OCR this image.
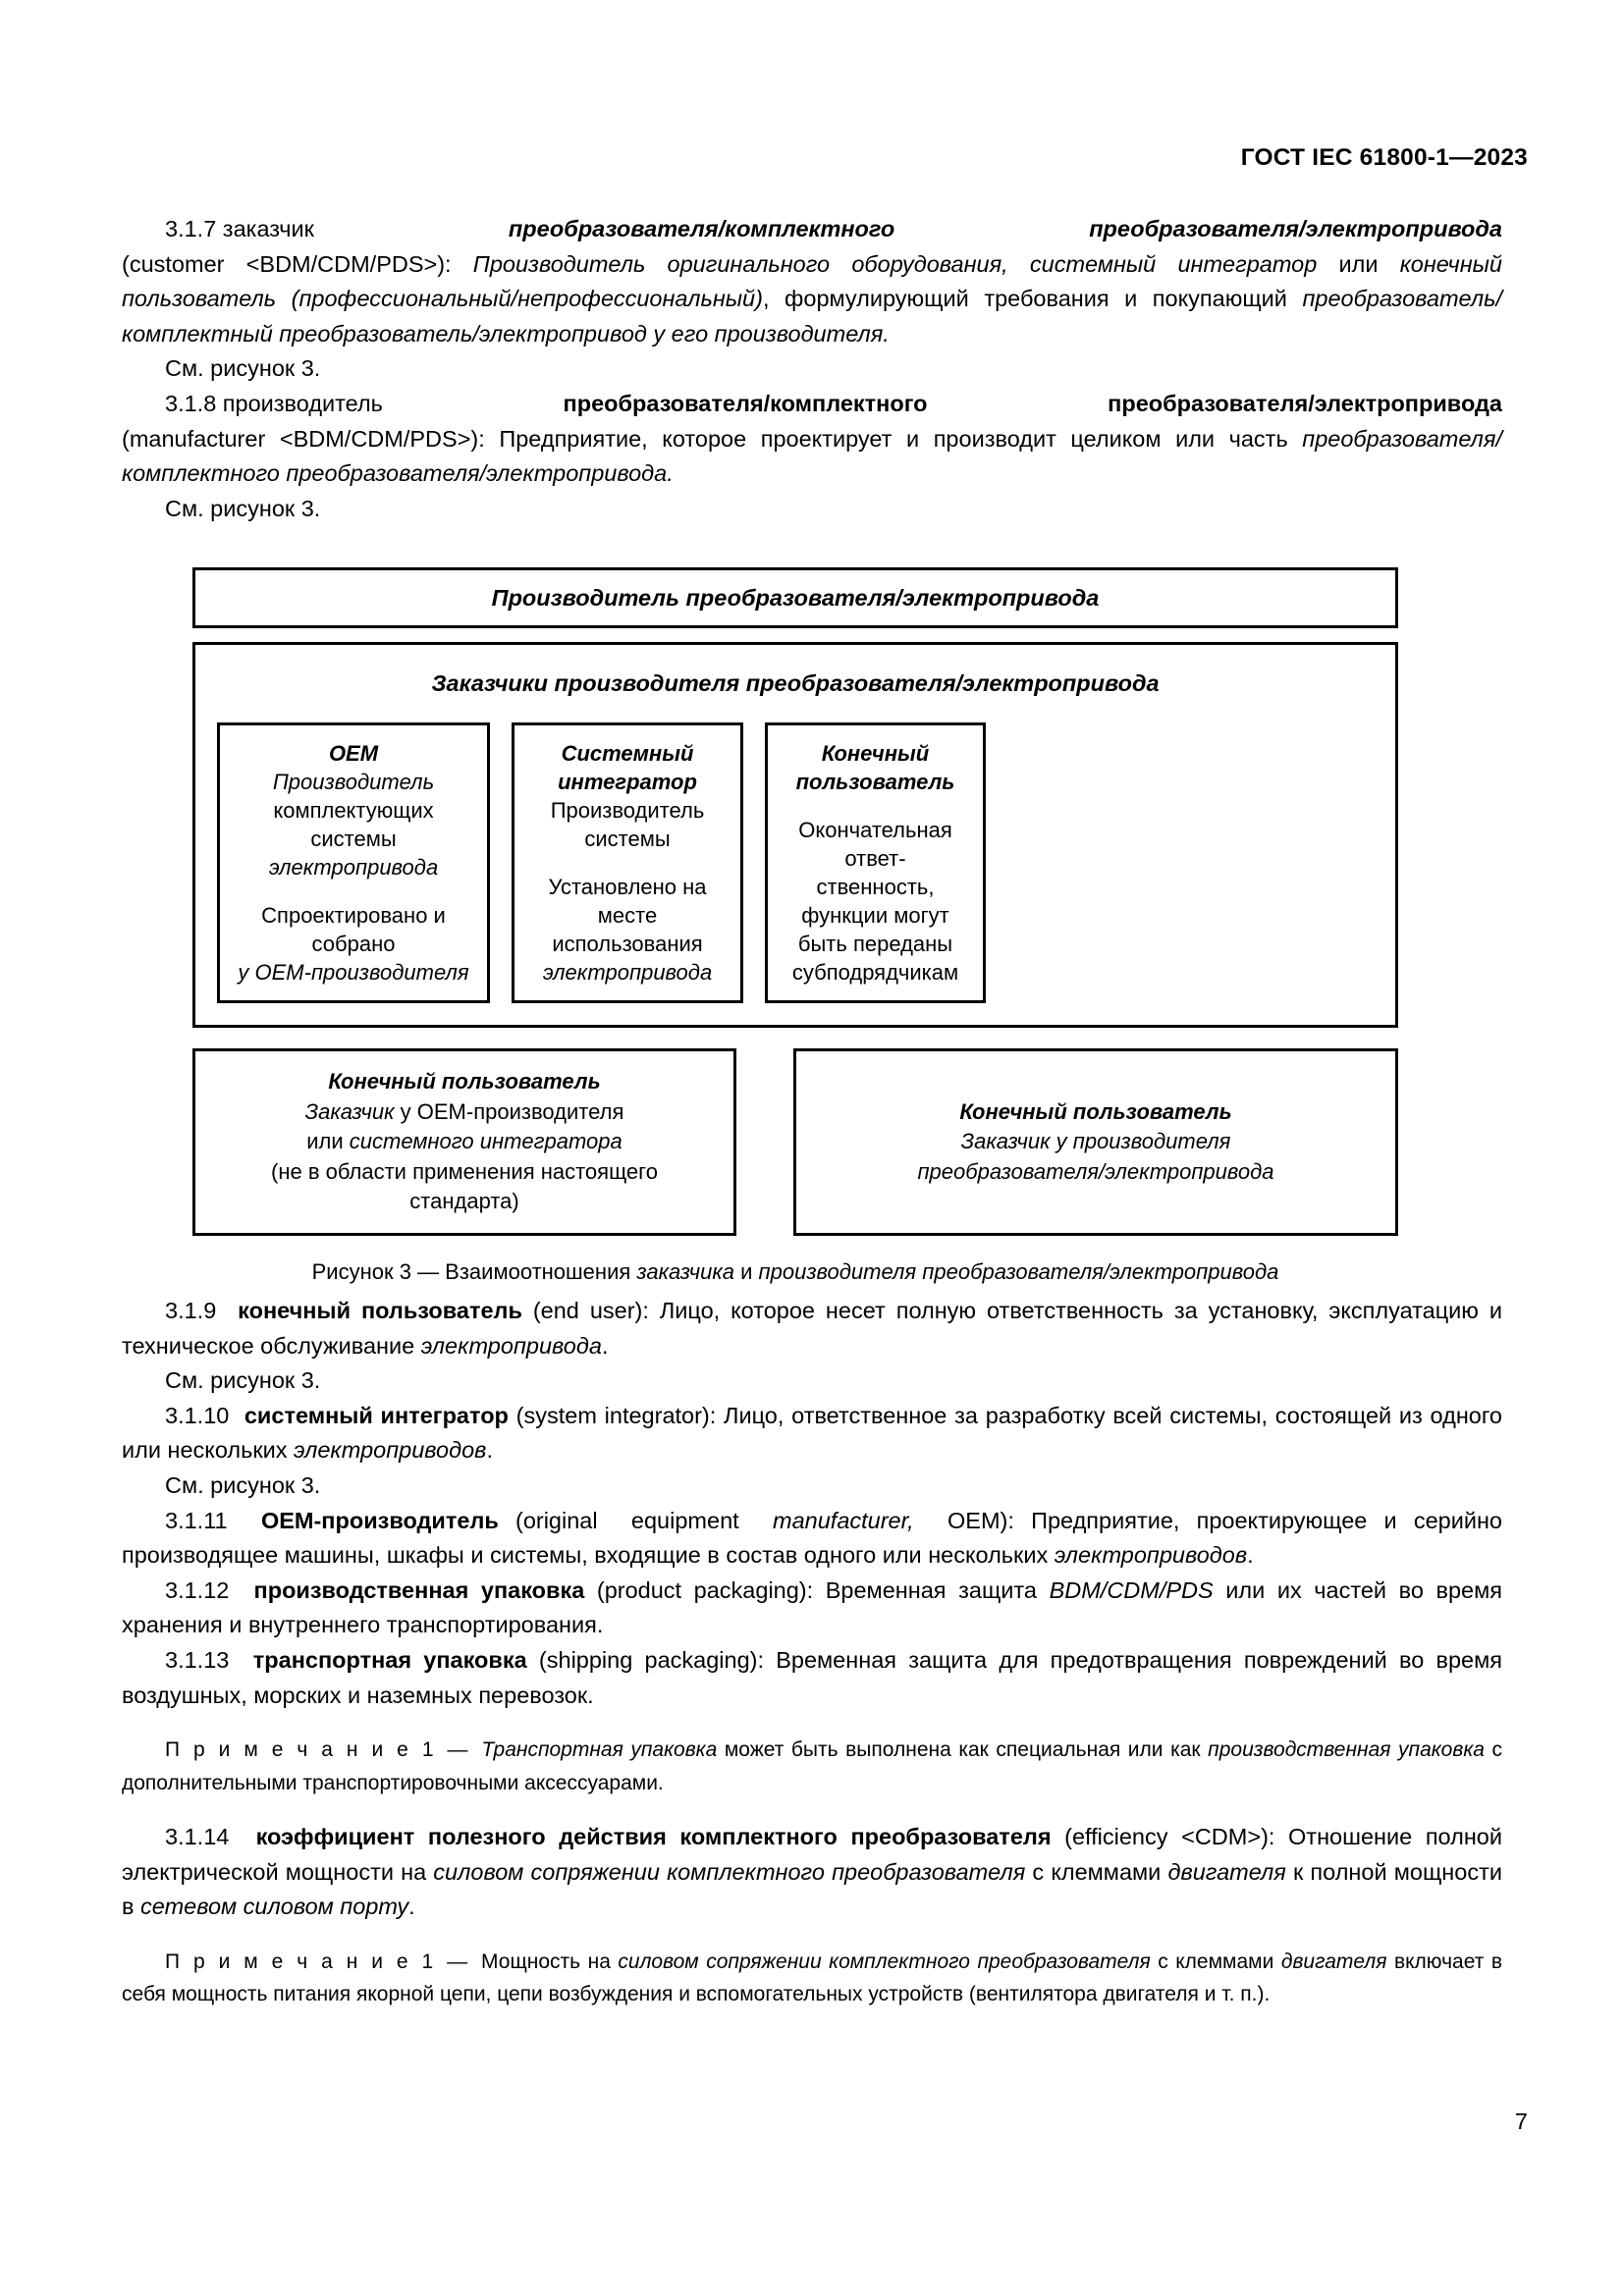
ГОСТ IEC 61800-1—2023
3.1.7 заказчик	преобразователя/комплектного	преобразователя/электропривода

(customer <BDM/CDM/PDS>): Производитель оригинального оборудования, системный интегратор или конечный пользователь (профессиональный/непрофессиональный), формулирующий требования и покупающий преобразователь/комплектный преобразователь/электропривод у его производителя.

См. рисунок 3.

3.1.8 производитель	преобразователя/комплектного	преобразователя/электропривода

(manufacturer <BDM/CDM/PDS>): Предприятие, которое проектирует и производит целиком или часть преобразователя/комплектного преобразователя/электропривода.

См. рисунок 3.

Производитель преобразователя/электропривода
Заказчики производителя преобразователя/электропривода
OEM
Производитель
комплектующих системы
электропривода
Спроектировано и собрано
у OEM-производителя
Системный
интегратор
Производитель
системы
Установлено на месте
использования
электропривода
Конечный
пользователь
Окончательная ответ-
ственность, функции могут
быть переданы
субподрядчикам
Конечный пользователь
Заказчик у OEM-производителя
или системного интегратора
(не в области применения настоящего
стандарта)
Конечный пользователь
Заказчик у производителя
преобразователя/электропривода
Рисунок 3 — Взаимоотношения заказчика и производителя преобразователя/электропривода

3.1.9 конечный пользователь (end user): Лицо, которое несет полную ответственность за установку, эксплуатацию и техническое обслуживание электропривода.

См. рисунок 3.

3.1.10 системный интегратор (system integrator): Лицо, ответственное за разработку всей системы, состоящей из одного или нескольких электроприводов.

См. рисунок 3.

3.1.11 OEM-производитель (original  equipment  manufacturer,  OEM): Предприятие, проектирующее и серийно производящее машины, шкафы и системы, входящие в состав одного или нескольких электроприводов.

3.1.12 производственная упаковка (product packaging): Временная защита BDM/CDM/PDS или их частей во время хранения и внутреннего транспортирования.

3.1.13 транспортная упаковка (shipping packaging): Временная защита для предотвращения повреждений во время воздушных, морских и наземных перевозок.

П р и м е ч а н и е 1 — Транспортная упаковка может быть выполнена как специальная или как производственная упаковка с дополнительными транспортировочными аксессуарами.

3.1.14 коэффициент полезного действия комплектного преобразователя (efficiency <CDM>): Отношение полной электрической мощности на силовом сопряжении комплектного преобразователя с клеммами двигателя к полной мощности в сетевом силовом порту.

П р и м е ч а н и е 1 — Мощность на силовом сопряжении комплектного преобразователя с клеммами двигателя включает в себя мощность питания якорной цепи, цепи возбуждения и вспомогательных устройств (вентилятора двигателя и т. п.).

7
